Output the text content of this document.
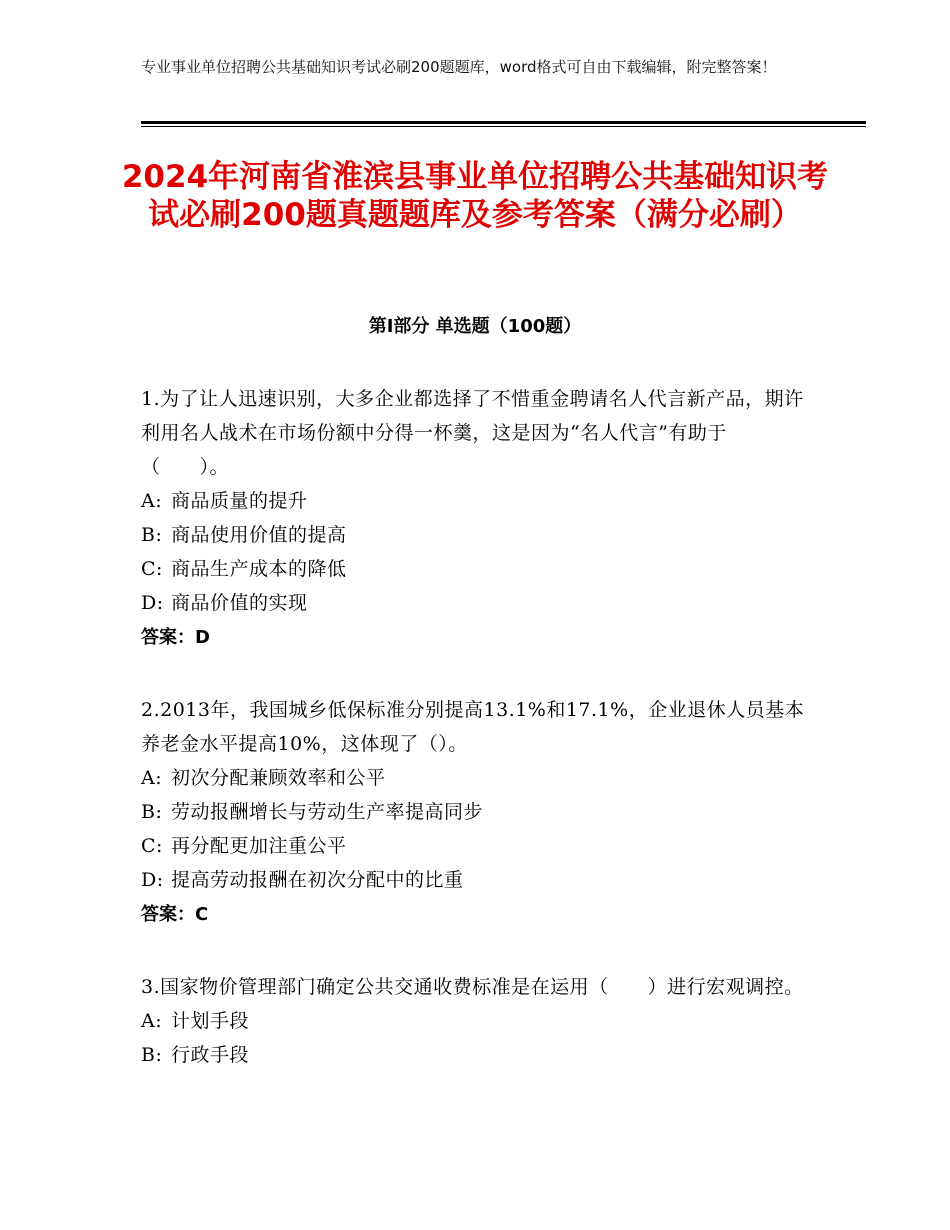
专业事业单位招聘公共基础知识考试必刷200题题库，word格式可自由下载编辑，附完整答案！
2024年河南省淮滨县事业单位招聘公共基础知识考试必刷200题真题题库及参考答案（满分必刷）
第Ⅰ部分 单选题（100题）

1.为了让人迅速识别，大多企业都选择了不惜重金聘请名人代言新产品，期许利用名人战术在市场份额中分得一杯羹，这是因为“名人代言”有助于（　　）。

A: 商品质量的提升

B: 商品使用价值的提高

C: 商品生产成本的降低

D: 商品价值的实现

答案：D

2.2013年，我国城乡低保标准分别提高13.1%和17.1%，企业退休人员基本养老金水平提高10%，这体现了（）。

A: 初次分配兼顾效率和公平

B: 劳动报酬增长与劳动生产率提高同步

C: 再分配更加注重公平

D: 提高劳动报酬在初次分配中的比重

答案：C

3.国家物价管理部门确定公共交通收费标准是在运用（　　）进行宏观调控。

A: 计划手段

B: 行政手段
